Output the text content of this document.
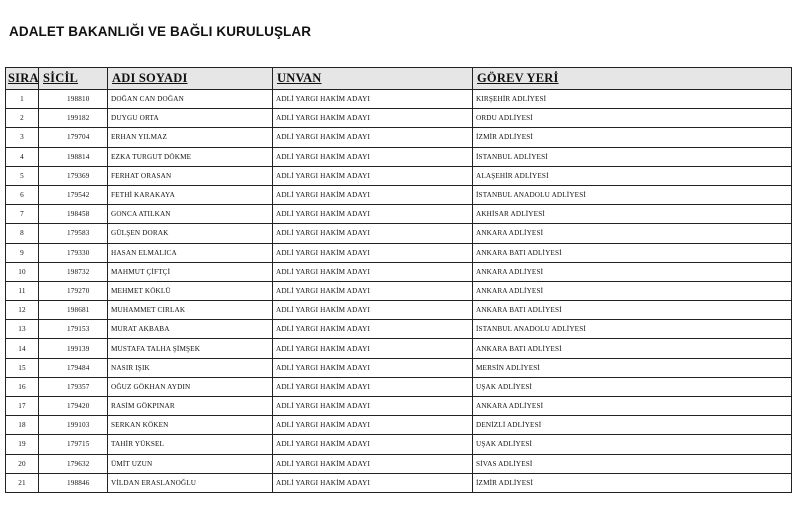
ADALET BAKANLIĞI VE BAĞLI KURULUŞLAR
SIRA	SİCİL	ADI SOYADI	UNVAN	GÖREV YERİ
1	198810	DOĞAN CAN DOĞAN	ADLİ YARGI HAKİM ADAYI	KIRŞEHİR ADLİYESİ
2	199182	DUYGU ORTA	ADLİ YARGI HAKİM ADAYI	ORDU ADLİYESİ
3	179704	ERHAN YILMAZ	ADLİ YARGI HAKİM ADAYI	İZMİR ADLİYESİ
4	198814	EZKA TURGUT DÖKME	ADLİ YARGI HAKİM ADAYI	İSTANBUL ADLİYESİ
5	179369	FERHAT ORASAN	ADLİ YARGI HAKİM ADAYI	ALAŞEHİR ADLİYESİ
6	179542	FETHİ KARAKAYA	ADLİ YARGI HAKİM ADAYI	İSTANBUL ANADOLU ADLİYESİ
7	198458	GONCA ATILKAN	ADLİ YARGI HAKİM ADAYI	AKHİSAR ADLİYESİ
8	179583	GÜLŞEN DORAK	ADLİ YARGI HAKİM ADAYI	ANKARA ADLİYESİ
9	179330	HASAN ELMALICA	ADLİ YARGI HAKİM ADAYI	ANKARA BATI ADLİYESİ
10	198732	MAHMUT ÇİFTÇİ	ADLİ YARGI HAKİM ADAYI	ANKARA ADLİYESİ
11	179270	MEHMET KÖKLÜ	ADLİ YARGI HAKİM ADAYI	ANKARA ADLİYESİ
12	198681	MUHAMMET CIRLAK	ADLİ YARGI HAKİM ADAYI	ANKARA BATI ADLİYESİ
13	179153	MURAT AKBABA	ADLİ YARGI HAKİM ADAYI	İSTANBUL ANADOLU ADLİYESİ
14	199139	MUSTAFA TALHA ŞİMŞEK	ADLİ YARGI HAKİM ADAYI	ANKARA BATI ADLİYESİ
15	179484	NASIR IŞIK	ADLİ YARGI HAKİM ADAYI	MERSİN ADLİYESİ
16	179357	OĞUZ GÖKHAN AYDIN	ADLİ YARGI HAKİM ADAYI	UŞAK ADLİYESİ
17	179420	RASİM GÖKPINAR	ADLİ YARGI HAKİM ADAYI	ANKARA ADLİYESİ
18	199103	SERKAN KÖKEN	ADLİ YARGI HAKİM ADAYI	DENİZLİ ADLİYESİ
19	179715	TAHİR YÜKSEL	ADLİ YARGI HAKİM ADAYI	UŞAK ADLİYESİ
20	179632	ÜMİT UZUN	ADLİ YARGI HAKİM ADAYI	SİVAS ADLİYESİ
21	198846	VİLDAN ERASLANOĞLU	ADLİ YARGI HAKİM ADAYI	İZMİR ADLİYESİ
